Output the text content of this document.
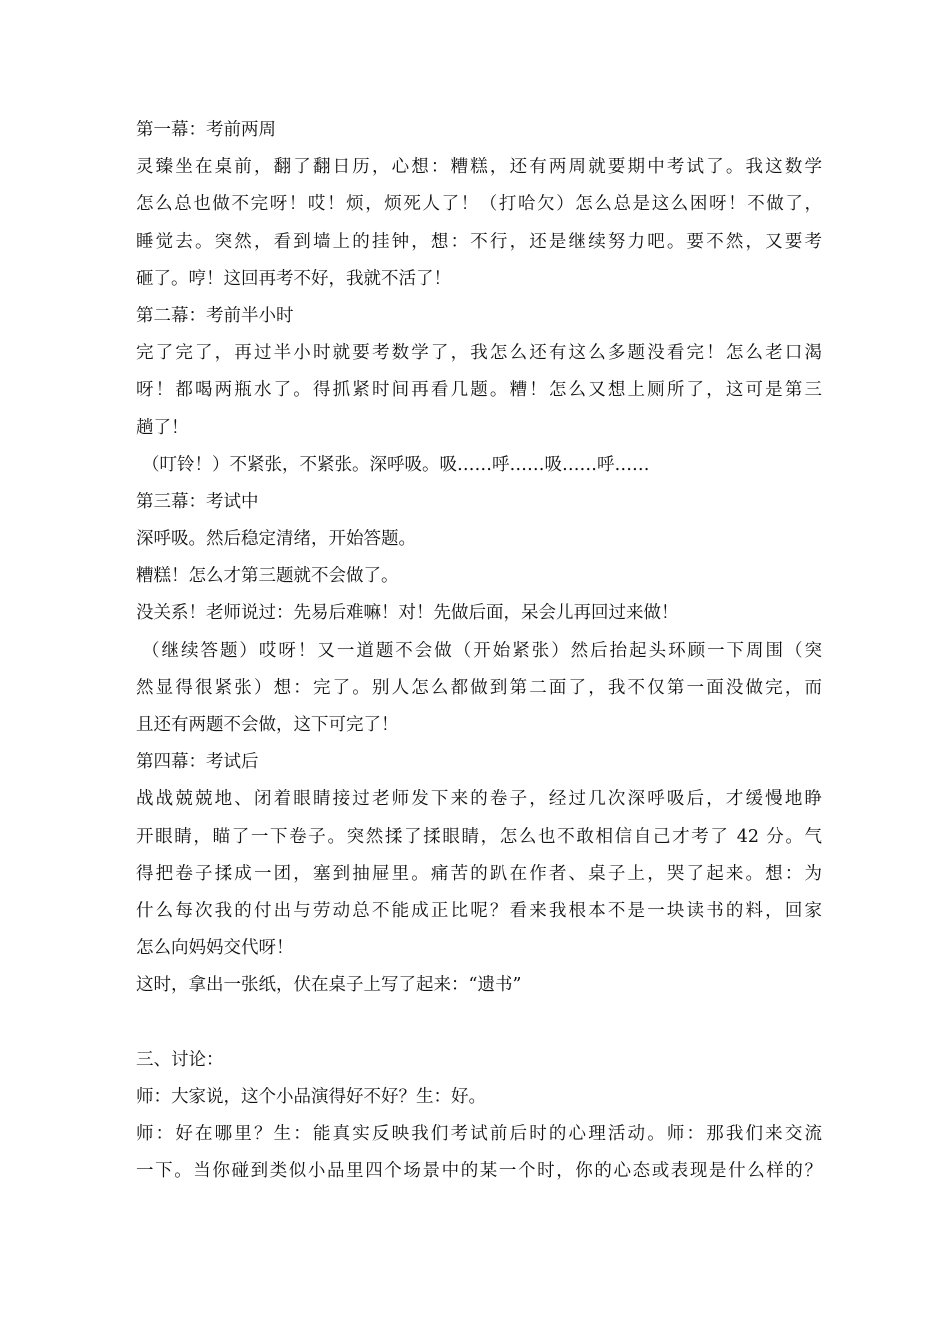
第一幕：考前两周
灵臻坐在桌前，翻了翻日历，心想：糟糕，还有两周就要期中考试了。我这数学
怎么总也做不完呀！哎！烦，烦死人了！（打哈欠）怎么总是这么困呀！不做了，
睡觉去。突然，看到墙上的挂钟，想：不行，还是继续努力吧。要不然，又要考
砸了。哼！这回再考不好，我就不活了！
第二幕：考前半小时
完了完了，再过半小时就要考数学了，我怎么还有这么多题没看完！怎么老口渴
呀！都喝两瓶水了。得抓紧时间再看几题。糟！怎么又想上厕所了，这可是第三
趟了！
（叮铃！）不紧张，不紧张。深呼吸。吸……呼……吸……呼……
第三幕：考试中
深呼吸。然后稳定清绪，开始答题。
糟糕！怎么才第三题就不会做了。
没关系！老师说过：先易后难嘛！对！先做后面，呆会儿再回过来做！
（继续答题）哎呀！又一道题不会做（开始紧张）然后抬起头环顾一下周围（突
然显得很紧张）想：完了。别人怎么都做到第二面了，我不仅第一面没做完，而
且还有两题不会做，这下可完了！
第四幕：考试后
战战兢兢地、闭着眼睛接过老师发下来的卷子，经过几次深呼吸后，才缓慢地睁
开眼睛，瞄了一下卷子。突然揉了揉眼睛，怎么也不敢相信自己才考了 42 分。气
得把卷子揉成一团，塞到抽屉里。痛苦的趴在作者、桌子上，哭了起来。想：为
什么每次我的付出与劳动总不能成正比呢？看来我根本不是一块读书的料，回家
怎么向妈妈交代呀！
这时，拿出一张纸，伏在桌子上写了起来：“遗书”
三、讨论：
师：大家说，这个小品演得好不好？生：好。
师：好在哪里？生：能真实反映我们考试前后时的心理活动。师：那我们来交流
一下。当你碰到类似小品里四个场景中的某一个时，你的心态或表现是什么样的？
